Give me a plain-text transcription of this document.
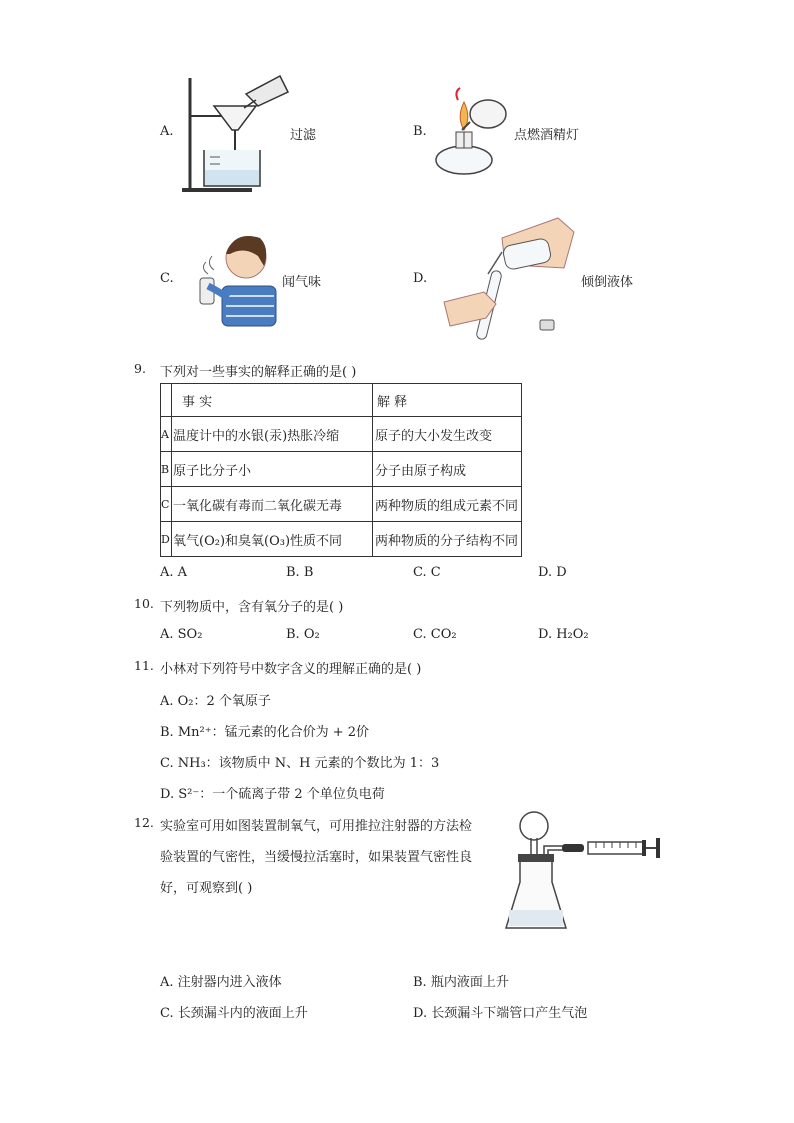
A.	过滤	B.	点燃酒精灯
C.	闻气味	D.	倾倒液体
9. 下列对一些事实的解释正确的是( )
	事 实	解 释
A	温度计中的水银(汞)热胀冷缩	原子的大小发生改变
B	原子比分子小	分子由原子构成
C	一氧化碳有毒而二氧化碳无毒	两种物质的组成元素不同
D	氧气(O₂)和臭氧(O₃)性质不同	两种物质的分子结构不同
A. A	B. B	C. C	D. D
10. 下列物质中，含有氧分子的是( )
A. SO₂	B. O₂	C. CO₂	D. H₂O₂
11. 小林对下列符号中数字含义的理解正确的是( )
A. O₂：2 个氧原子
B. Mn²⁺：锰元素的化合价为 + 2价
C. NH₃：该物质中 N、H 元素的个数比为 1：3
D. S²⁻：一个硫离子带 2 个单位负电荷
12. 实验室可用如图装置制氧气，可用推拉注射器的方法检
验装置的气密性，当缓慢拉活塞时，如果装置气密性良
好，可观察到( )
A. 注射器内进入液体	B. 瓶内液面上升
C. 长颈漏斗内的液面上升	D. 长颈漏斗下端管口产生气泡
